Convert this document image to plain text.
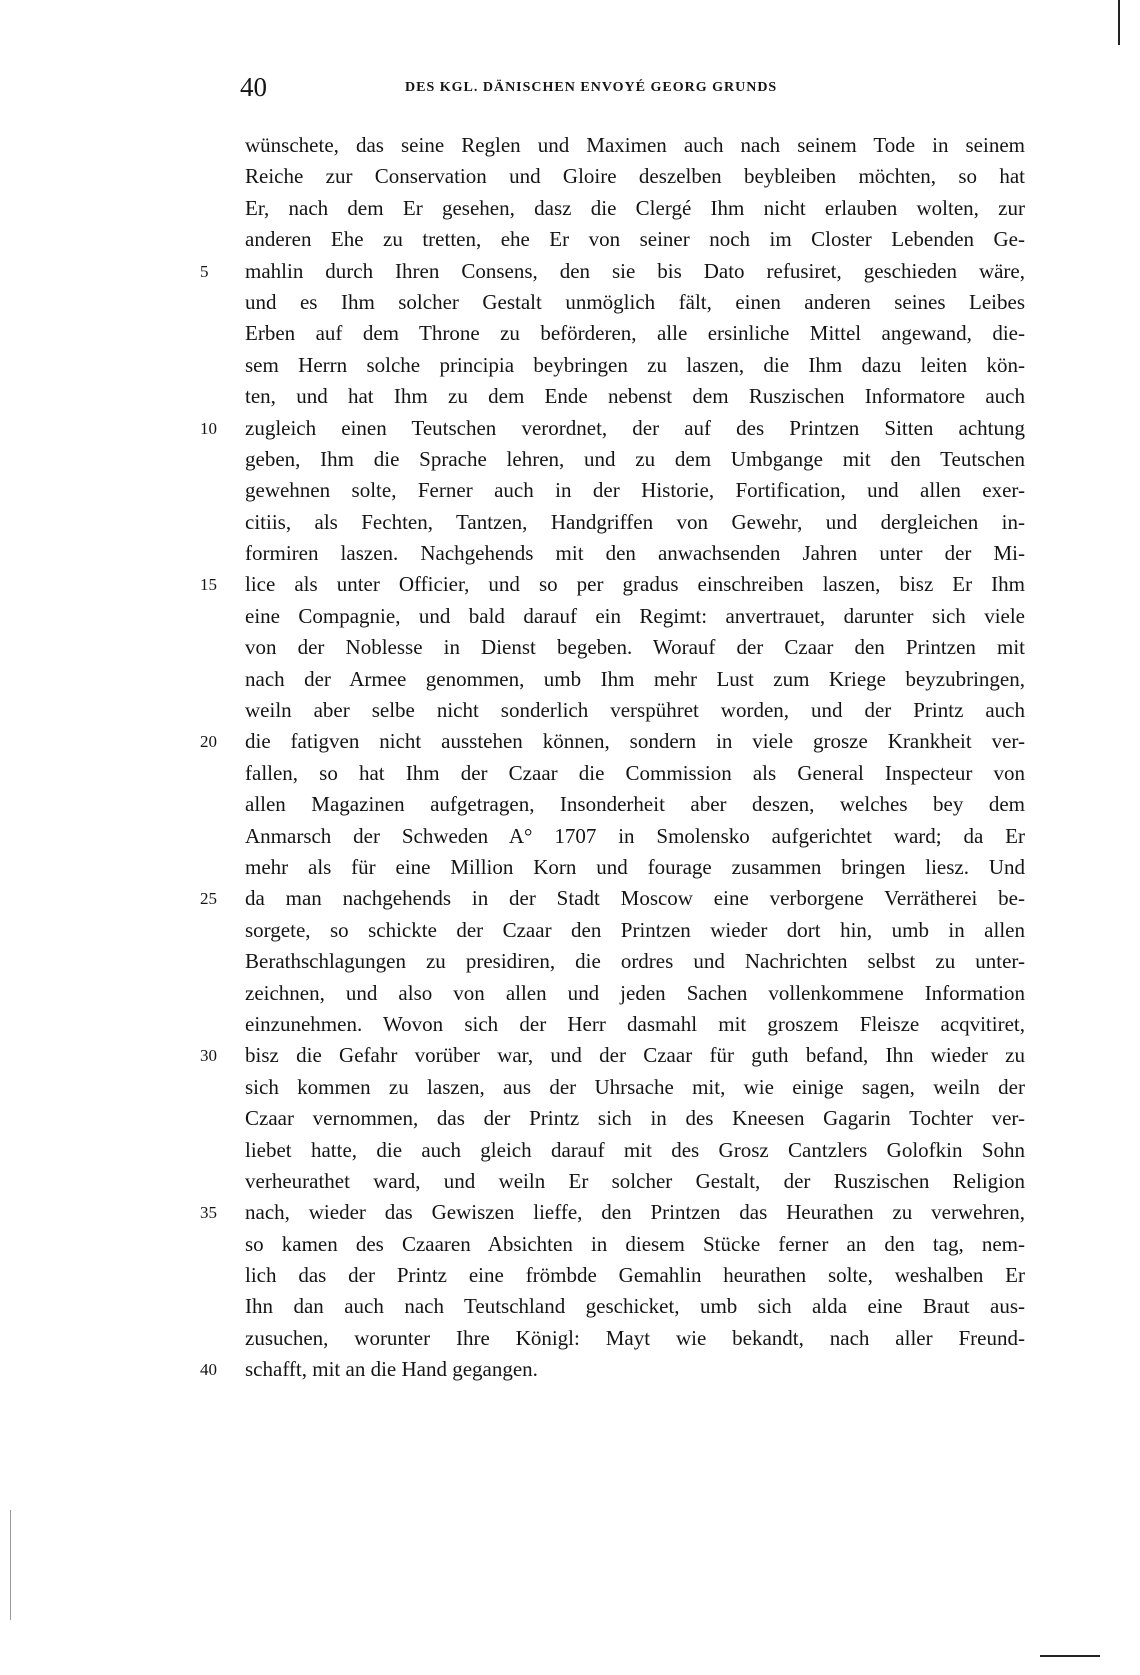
40	DES KGL. DÄNISCHEN ENVOYÉ GEORG GRUNDS
wünschete, das seine Reglen und Maximen auch nach seinem Tode in seinem
Reiche zur Conservation und Gloire deszelben beybleiben möchten, so hat
Er, nach dem Er gesehen, dasz die Clergé Ihm nicht erlauben wolten, zur
anderen Ehe zu tretten, ehe Er von seiner noch im Closter Lebenden Ge-
5	mahlin durch Ihren Consens, den sie bis Dato refusiret, geschieden wäre,
und es Ihm solcher Gestalt unmöglich fält, einen anderen seines Leibes
Erben auf dem Throne zu beförderen, alle ersinliche Mittel angewand, die-
sem Herrn solche principia beybringen zu laszen, die Ihm dazu leiten kön-
ten, und hat Ihm zu dem Ende nebenst dem Ruszischen Informatore auch
10	zugleich einen Teutschen verordnet, der auf des Printzen Sitten achtung
geben, Ihm die Sprache lehren, und zu dem Umbgange mit den Teutschen
gewehnen solte, Ferner auch in der Historie, Fortification, und allen exer-
citiis, als Fechten, Tantzen, Handgriffen von Gewehr, und dergleichen in-
formiren laszen. Nachgehends mit den anwachsenden Jahren unter der Mi-
15	lice als unter Officier, und so per gradus einschreiben laszen, bisz Er Ihm
eine Compagnie, und bald darauf ein Regimt: anvertrauet, darunter sich viele
von der Noblesse in Dienst begeben. Worauf der Czaar den Printzen mit
nach der Armee genommen, umb Ihm mehr Lust zum Kriege beyzubringen,
weiln aber selbe nicht sonderlich verspühret worden, und der Printz auch
20	die fatigven nicht ausstehen können, sondern in viele grosze Krankheit ver-
fallen, so hat Ihm der Czaar die Commission als General Inspecteur von
allen Magazinen aufgetragen, Insonderheit aber deszen, welches bey dem
Anmarsch der Schweden A° 1707 in Smolensko aufgerichtet ward; da Er
mehr als für eine Million Korn und fourage zusammen bringen liesz. Und
25	da man nachgehends in der Stadt Moscow eine verborgene Verrätherei be-
sorgete, so schickte der Czaar den Printzen wieder dort hin, umb in allen
Berathschlagungen zu presidiren, die ordres und Nachrichten selbst zu unter-
zeichnen, und also von allen und jeden Sachen vollenkommene Information
einzunehmen. Wovon sich der Herr dasmahl mit groszem Fleisze acqvitiret,
30	bisz die Gefahr vorüber war, und der Czaar für guth befand, Ihn wieder zu
sich kommen zu laszen, aus der Uhrsache mit, wie einige sagen, weiln der
Czaar vernommen, das der Printz sich in des Kneesen Gagarin Tochter ver-
liebet hatte, die auch gleich darauf mit des Grosz Cantzlers Golofkin Sohn
verheurathet ward, und weiln Er solcher Gestalt, der Ruszischen Religion
35	nach, wieder das Gewiszen lieffe, den Printzen das Heurathen zu verwehren,
so kamen des Czaaren Absichten in diesem Stücke ferner an den tag, nem-
lich das der Printz eine frömbde Gemahlin heurathen solte, weshalben Er
Ihn dan auch nach Teutschland geschicket, umb sich alda eine Braut aus-
zusuchen, worunter Ihre Königl: Mayt wie bekandt, nach aller Freund-
40	schafft, mit an die Hand gegangen.
